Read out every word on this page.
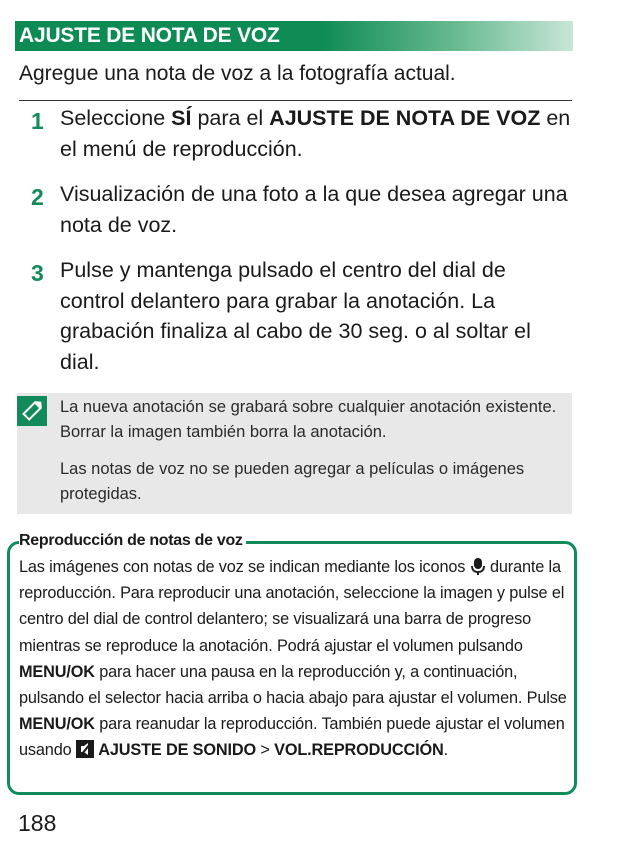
AJUSTE DE NOTA DE VOZ

Agregue una nota de voz a la fotografía actual.

1 Seleccione SÍ para el AJUSTE DE NOTA DE VOZ en el menú de reproducción.

2 Visualización de una foto a la que desea agregar una nota de voz.

3 Pulse y mantenga pulsado el centro del dial de control delantero para grabar la anotación. La grabación finaliza al cabo de 30 seg. o al soltar el dial.

La nueva anotación se grabará sobre cualquier anotación existente. Borrar la imagen también borra la anotación.

Las notas de voz no se pueden agregar a películas o imágenes protegidas.

Reproducción de notas de voz

Las imágenes con notas de voz se indican mediante los iconos  durante la reproducción. Para reproducir una anotación, seleccione la imagen y pulse el centro del dial de control delantero; se visualizará una barra de progreso mientras se reproduce la anotación. Podrá ajustar el volumen pulsando MENU/OK para hacer una pausa en la reproducción y, a continuación, pulsando el selector hacia arriba o hacia abajo para ajustar el volumen. Pulse MENU/OK para reanudar la reproducción. También puede ajustar el volumen usando  AJUSTE DE SONIDO > VOL.REPRODUCCIÓN.

188
